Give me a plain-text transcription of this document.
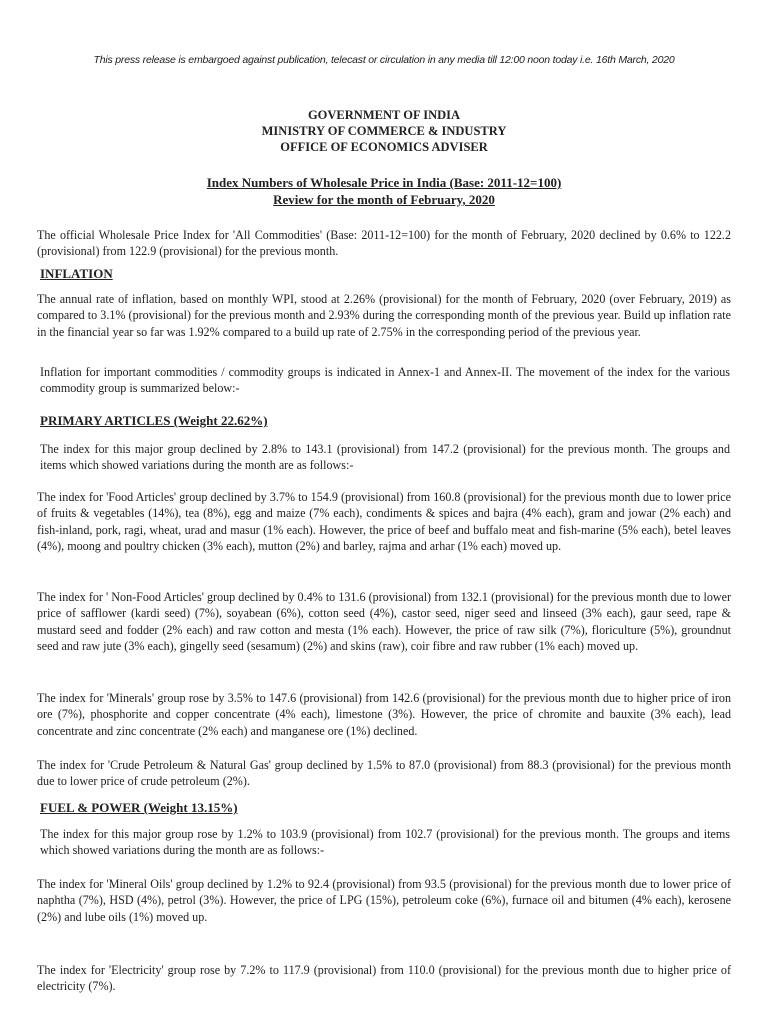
This press release is embargoed against publication, telecast or circulation in any media till 12:00 noon today i.e. 16th March, 2020
GOVERNMENT OF INDIA
MINISTRY OF COMMERCE & INDUSTRY
OFFICE OF ECONOMICS ADVISER
Index Numbers of Wholesale Price in India (Base: 2011-12=100)
Review for the month of February, 2020
The official Wholesale Price Index for 'All Commodities' (Base: 2011-12=100) for the month of February, 2020 declined by 0.6% to 122.2 (provisional) from 122.9 (provisional) for the previous month.
INFLATION
The annual rate of inflation, based on monthly WPI, stood at 2.26% (provisional) for the month of February, 2020 (over February, 2019) as compared to 3.1% (provisional) for the previous month and 2.93% during the corresponding month of the previous year. Build up inflation rate in the financial year so far was 1.92% compared to a build up rate of 2.75% in the corresponding period of the previous year.
Inflation for important commodities / commodity groups is indicated in Annex-1 and Annex-II. The movement of the index for the various commodity group is summarized below:-
PRIMARY ARTICLES (Weight 22.62%)
The index for this major group declined by 2.8% to 143.1 (provisional) from 147.2 (provisional) for the previous month. The groups and items which showed variations during the month are as follows:-
The index for 'Food Articles' group declined by 3.7% to 154.9 (provisional) from 160.8 (provisional) for the previous month due to lower price of fruits & vegetables (14%), tea (8%), egg and maize (7% each), condiments & spices and bajra (4% each), gram and jowar (2% each) and fish-inland, pork, ragi, wheat, urad and masur (1% each). However, the price of beef and buffalo meat and fish-marine (5% each), betel leaves (4%), moong and poultry chicken (3% each), mutton (2%) and barley, rajma and arhar (1% each) moved up.
The index for ' Non-Food Articles' group declined by 0.4% to 131.6 (provisional) from 132.1 (provisional) for the previous month due to lower price of safflower (kardi seed) (7%), soyabean (6%), cotton seed (4%), castor seed, niger seed and linseed (3% each), gaur seed, rape & mustard seed and fodder (2% each) and raw cotton and mesta (1% each). However, the price of raw silk (7%), floriculture (5%), groundnut seed and raw jute (3% each), gingelly seed (sesamum) (2%) and skins (raw), coir fibre and raw rubber (1% each) moved up.
The index for 'Minerals' group rose by 3.5% to 147.6 (provisional) from 142.6 (provisional) for the previous month due to higher price of iron ore (7%), phosphorite and copper concentrate (4% each), limestone (3%). However, the price of chromite and bauxite (3% each), lead concentrate and zinc concentrate (2% each) and manganese ore (1%) declined.
The index for 'Crude Petroleum & Natural Gas' group declined by 1.5% to 87.0 (provisional) from 88.3 (provisional) for the previous month due to lower price of crude petroleum (2%).
FUEL & POWER (Weight 13.15%)
The index for this major group rose by 1.2% to 103.9 (provisional) from 102.7 (provisional) for the previous month. The groups and items which showed variations during the month are as follows:-
The index for 'Mineral Oils' group declined by 1.2% to 92.4 (provisional) from 93.5 (provisional) for the previous month due to lower price of naphtha (7%), HSD (4%), petrol (3%). However, the price of LPG (15%), petroleum coke (6%), furnace oil and bitumen (4% each), kerosene (2%) and lube oils (1%) moved up.
The index for 'Electricity' group rose by 7.2% to 117.9 (provisional) from 110.0 (provisional) for the previous month due to higher price of electricity (7%).
